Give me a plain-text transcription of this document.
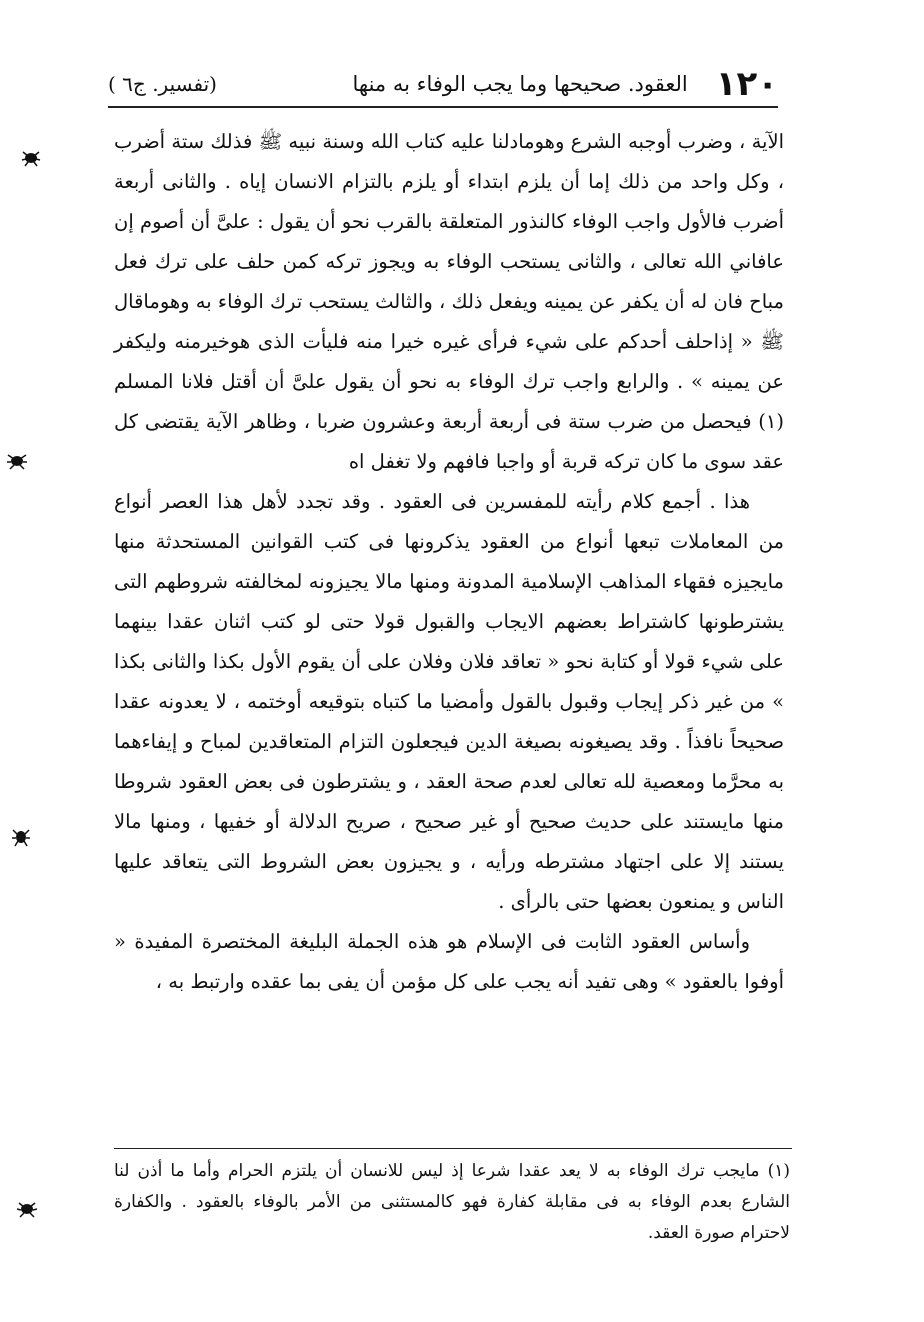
١٢٠
العقود. صحيحها وما يجب الوفاء به منها
(تفسير. ج٦ )

الآية ، وضرب أوجبه الشرع وهومادلنا عليه كتاب الله وسنة نبيه ﷺ فذلك ستة أضرب ، وكل واحد من ذلك إما أن يلزم ابتداء أو يلزم بالتزام الانسان إياه . والثانى أربعة أضرب فالأول واجب الوفاء كالنذور المتعلقة بالقرب نحو أن يقول : علىَّ أن أصوم إن عافاني الله تعالى ، والثانى يستحب الوفاء به ويجوز تركه كمن حلف على ترك فعل مباح فان له أن يكفر عن يمينه ويفعل ذلك ، والثالث يستحب ترك الوفاء به وهوماقال ﷺ « إذاحلف أحدكم على شيء فرأى غيره خيرا منه فليأت الذى هوخيرمنه وليكفر عن يمينه » . والرابع واجب ترك الوفاء به نحو أن يقول علىَّ أن أقتل فلانا المسلم (١) فيحصل من ضرب ستة فى أربعة أربعة وعشرون ضربا ، وظاهر الآية يقتضى كل عقد سوى ما كان تركه قربة أو واجبا فافهم ولا تغفل اه

هذا . أجمع كلام رأيته للمفسرين فى العقود . وقد تجدد لأهل هذا العصر أنواع من المعاملات تبعها أنواع من العقود يذكرونها فى كتب القوانين المستحدثة منها مايجيزه فقهاء المذاهب الإسلامية المدونة ومنها مالا يجيزونه لمخالفته شروطهم التى يشترطونها كاشتراط بعضهم الايجاب والقبول قولا حتى لو كتب اثنان عقدا بينهما على شيء قولا أو كتابة نحو « تعاقد فلان وفلان على أن يقوم الأول بكذا والثانى بكذا » من غير ذكر إيجاب وقبول بالقول وأمضيا ما كتباه بتوقيعه أوختمه ، لا يعدونه عقدا صحيحاً نافذاً . وقد يصيغونه بصيغة الدين فيجعلون التزام المتعاقدين لمباح و إيفاءهما به محرَّما ومعصية لله تعالى لعدم صحة العقد ، و يشترطون فى بعض العقود شروطا منها مايستند على حديث صحيح أو غير صحيح ، صريح الدلالة أو خفيها ، ومنها مالا يستند إلا على اجتهاد مشترطه ورأيه ، و يجيزون بعض الشروط التى يتعاقد عليها الناس و يمنعون بعضها حتى بالرأى .

وأساس العقود الثابت فى الإسلام هو هذه الجملة البليغة المختصرة المفيدة « أوفوا بالعقود » وهى تفيد أنه يجب على كل مؤمن أن يفى بما عقده وارتبط به ،

(١) مايجب ترك الوفاء به لا يعد عقدا شرعا إذ ليس للانسان أن يلتزم الحرام وأما ما أذن لنا الشارع بعدم الوفاء به فى مقابلة كفارة فهو كالمستثنى من الأمر بالوفاء بالعقود . والكفارة لاحترام صورة العقد.
